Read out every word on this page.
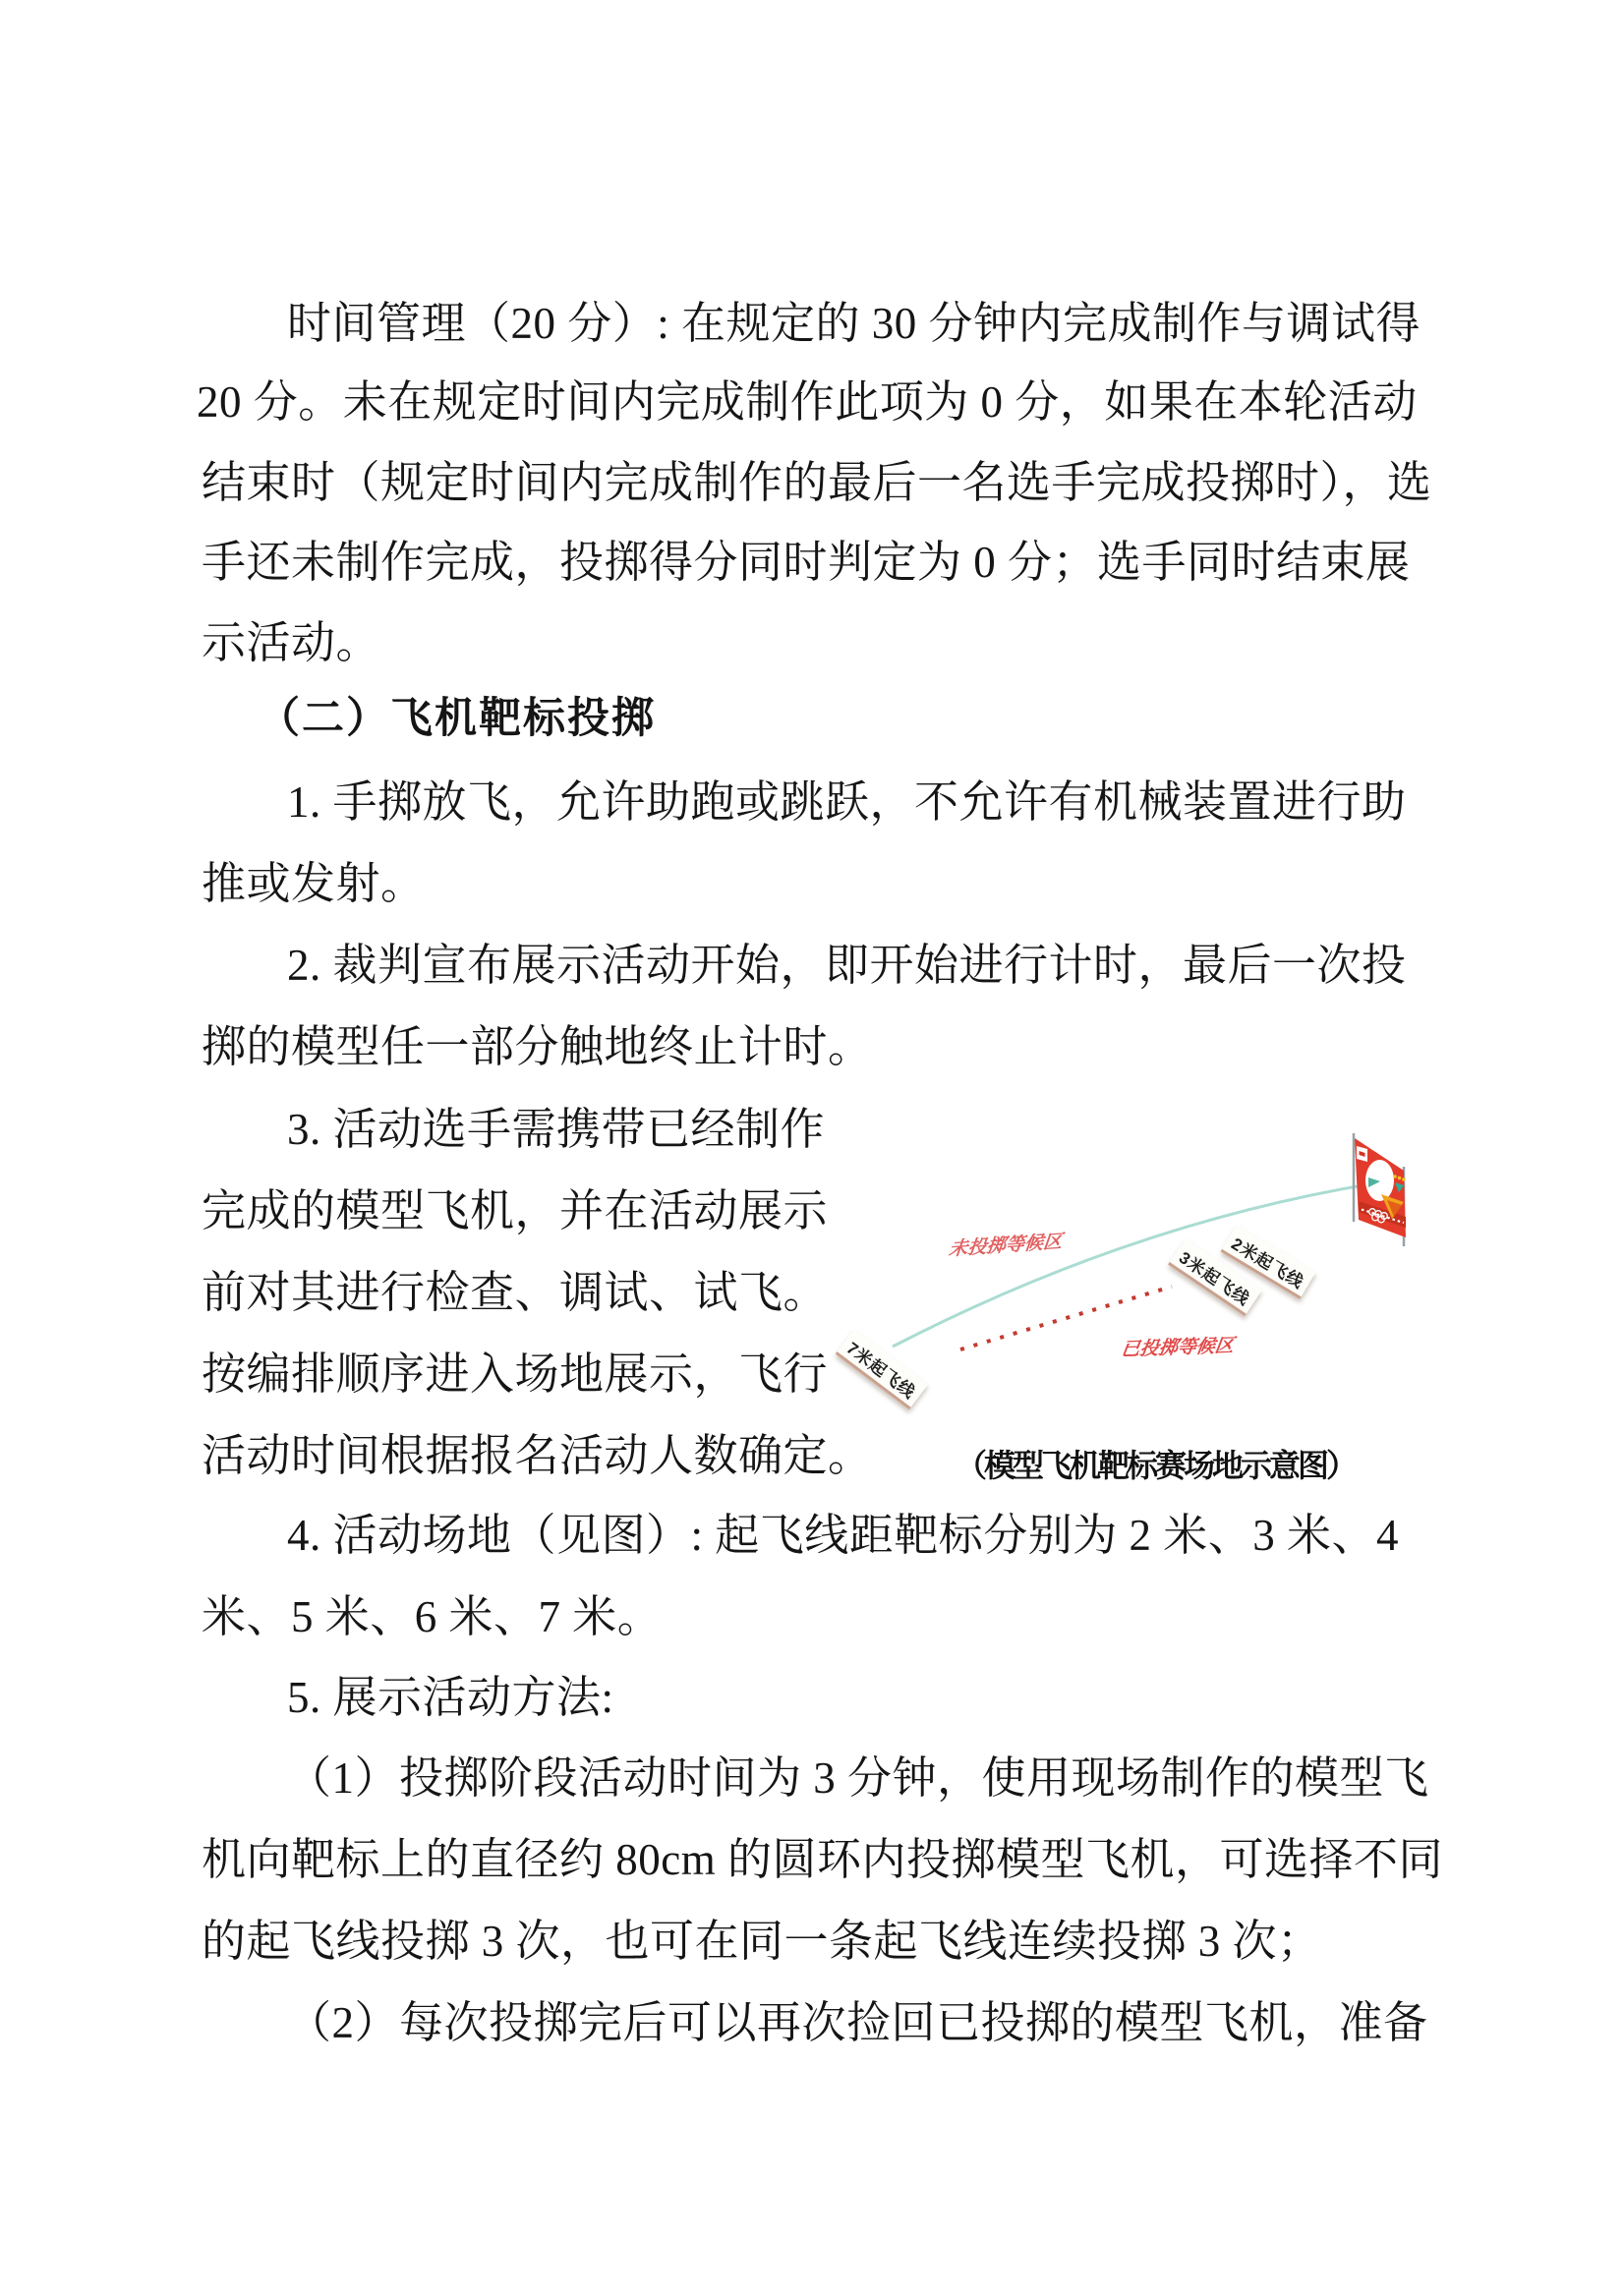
时间管理（20 分）: 在规定的 30 分钟内完成制作与调试得
20 分。未在规定时间内完成制作此项为 0 分，如果在本轮活动
结束时（规定时间内完成制作的最后一名选手完成投掷时），选
手还未制作完成，投掷得分同时判定为 0 分；选手同时结束展
示活动。
（二）飞机靶标投掷
1. 手掷放飞，允许助跑或跳跃，不允许有机械装置进行助
推或发射。
2. 裁判宣布展示活动开始，即开始进行计时，最后一次投
掷的模型任一部分触地终止计时。
3. 活动选手需携带已经制作
完成的模型飞机，并在活动展示
前对其进行检查、调试、试飞。
按编排顺序进入场地展示，飞行
活动时间根据报名活动人数确定。
4. 活动场地（见图）: 起飞线距靶标分别为 2 米、3 米、4
米、5 米、6 米、7 米。
5. 展示活动方法:
（1）投掷阶段活动时间为 3 分钟，使用现场制作的模型飞
机向靶标上的直径约 80cm 的圆环内投掷模型飞机，可选择不同
的起飞线投掷 3 次，也可在同一条起飞线连续投掷 3 次；
（2）每次投掷完后可以再次捡回已投掷的模型飞机，准备
未投掷等候区
已投掷等候区
2米起飞线
3米起飞线
7米起飞线
（模型飞机靶标赛场地示意图）
